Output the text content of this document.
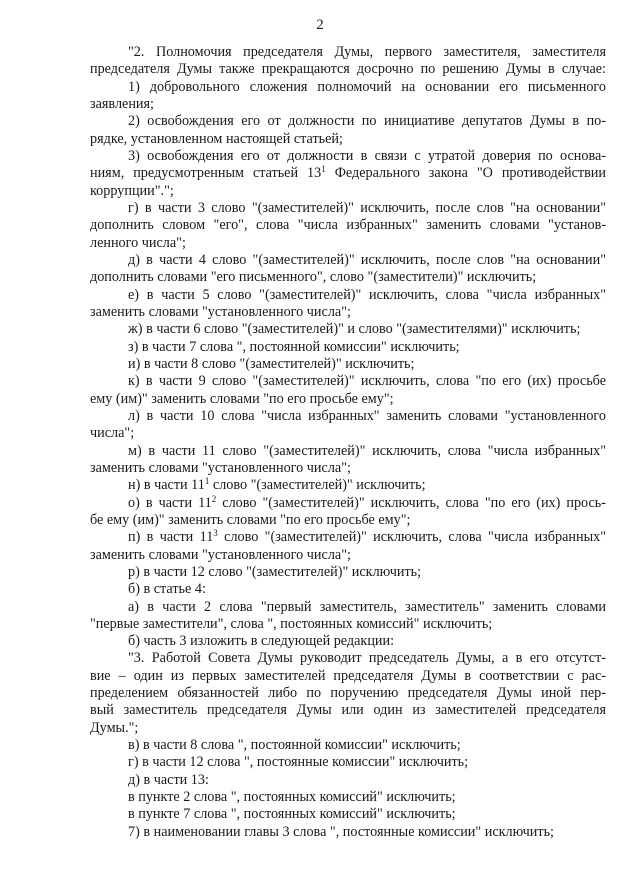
2
"2. Полномочия председателя Думы, первого заместителя, заместителя
председателя Думы также прекращаются досрочно по решению Думы в случае:
1) добровольного сложения полномочий на основании его письменного
заявления;
2) освобождения его от должности по инициативе депутатов Думы в по-
рядке, установленном настоящей статьей;
3) освобождения его от должности в связи с утратой доверия по основа-
ниям, предусмотренным статьей $13^1$ Федерального закона "О противодействии
коррупции".";
г) в части 3 слово "(заместителей)" исключить, после слов "на основании"
дополнить словом "его", слова "числа избранных" заменить словами "установ-
ленного числа";
д) в части 4 слово "(заместителей)" исключить, после слов "на основании"
дополнить словами "его письменного", слово "(заместители)" исключить;
е) в части 5 слово "(заместителей)" исключить, слова "числа избранных"
заменить словами "установленного числа";
ж) в части 6 слово "(заместителей)" и слово "(заместителями)" исключить;
з) в части 7 слова ", постоянной комиссии" исключить;
и) в части 8 слово "(заместителей)" исключить;
к) в части 9 слово "(заместителей)" исключить, слова "по его (их) просьбе
ему (им)" заменить словами "по его просьбе ему";
л) в части 10 слова "числа избранных" заменить словами "установленного
числа";
м) в части 11 слово "(заместителей)" исключить, слова "числа избранных"
заменить словами "установленного числа";
н) в части $11^1$ слово "(заместителей)" исключить;
о) в части $11^2$ слово "(заместителей)" исключить, слова "по его (их) прось-
бе ему (им)" заменить словами "по его просьбе ему";
п) в части $11^3$ слово "(заместителей)" исключить, слова "числа избранных"
заменить словами "установленного числа";
р) в части 12 слово "(заместителей)" исключить;
б) в статье 4:
а) в части 2 слова "первый заместитель, заместитель" заменить словами
"первые заместители", слова ", постоянных комиссий" исключить;
б) часть 3 изложить в следующей редакции:
"3. Работой Совета Думы руководит председатель Думы, а в его отсутст-
вие – один из первых заместителей председателя Думы в соответствии с рас-
пределением обязанностей либо по поручению председателя Думы иной пер-
вый заместитель председателя Думы или один из заместителей председателя
Думы.";
в) в части 8 слова ", постоянной комиссии" исключить;
г) в части 12 слова ", постоянные комиссии" исключить;
д) в части 13:
в пункте 2 слова ", постоянных комиссий" исключить;
в пункте 7 слова ", постоянных комиссий" исключить;
7) в наименовании главы 3 слова ", постоянные комиссии" исключить;
